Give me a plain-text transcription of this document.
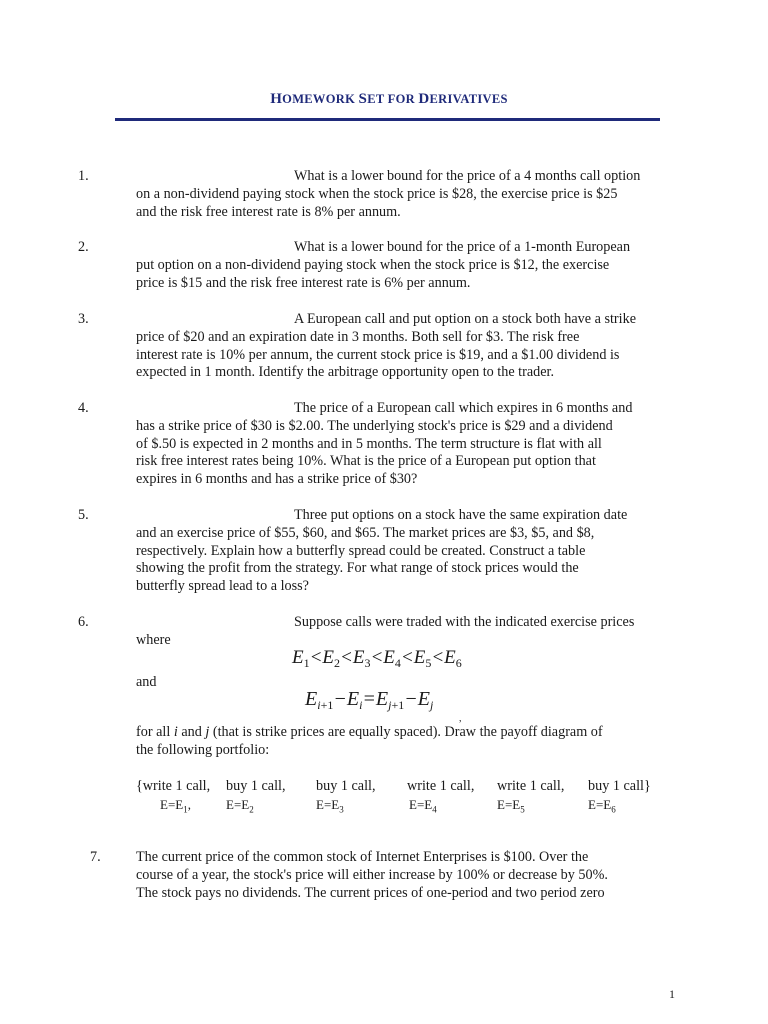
HOMEWORK SET FOR DERIVATIVES
1.	What is a lower bound for the price of a 4 months call option
on a non-dividend paying stock when the stock price is $28, the exercise price is $25
and the risk free interest rate is 8% per annum.
2.	What is a lower bound for the price of a 1-month European
put option on a non-dividend paying stock when the stock price is $12, the exercise
price is $15 and the risk free interest rate is 6% per annum.
3.	A European call and put option on a stock both have a strike
price of $20 and an expiration date in 3 months. Both sell for $3. The risk free
interest rate is 10% per annum, the current stock price is $19, and a $1.00 dividend is
expected in 1 month. Identify the arbitrage opportunity open to the trader.
4.	The price of a European call which expires in 6 months and
has a strike price of $30 is $2.00. The underlying stock's price is $29 and a dividend
of $.50 is expected in 2 months and in 5 months. The term structure is flat with all
risk free interest rates being 10%. What is the price of a European put option that
expires in 6 months and has a strike price of $30?
5.	Three put options on a stock have the same expiration date
and an exercise price of $55, $60, and $65. The market prices are $3, $5, and $8,
respectively. Explain how a butterfly spread could be created. Construct a table
showing the profit from the strategy. For what range of stock prices would the
butterfly spread lead to a loss?
6.	Suppose calls were traded with the indicated exercise prices
where
$E_1<E_2<E_3<E_4<E_5<E_6$
and
$E_{i+1}-E_i=E_{j+1}-E_j$
,
for all i and j (that is strike prices are equally spaced). Draw the payoff diagram of
the following portfolio:
{write 1 call, buy 1 call, buy 1 call, write 1 call, write 1 call, buy 1 call}
$E=E_1$,	$E=E_2$	$E=E_3$	$E=E_4$	$E=E_5$	$E=E_6$
7. The current price of the common stock of Internet Enterprises is $100. Over the
course of a year, the stock's price will either increase by 100% or decrease by 50%.
The stock pays no dividends. The current prices of one-period and two period zero
1
